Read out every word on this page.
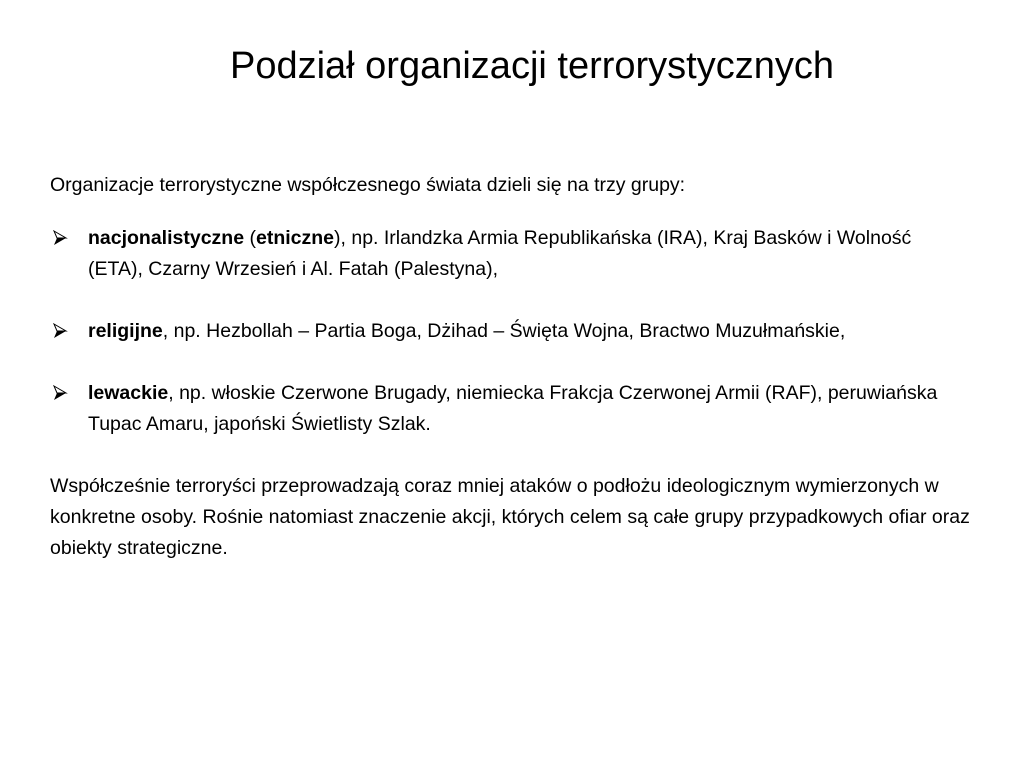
Podział organizacji terrorystycznych

Organizacje terrorystyczne współczesnego świata dzieli się na trzy grupy:

nacjonalistyczne (etniczne), np. Irlandzka Armia Republikańska (IRA), Kraj Basków i Wolność (ETA), Czarny Wrzesień i Al. Fatah (Palestyna),
religijne, np. Hezbollah – Partia Boga, Dżihad – Święta Wojna, Bractwo Muzułmańskie,
lewackie, np. włoskie Czerwone Brugady, niemiecka Frakcja Czerwonej Armii (RAF), peruwiańska Tupac Amaru, japoński Świetlisty Szlak.

Współcześnie terroryści przeprowadzają coraz mniej ataków o podłożu ideologicznym wymierzonych w konkretne osoby. Rośnie natomiast znaczenie akcji, których celem są całe grupy przypadkowych ofiar oraz obiekty strategiczne.
